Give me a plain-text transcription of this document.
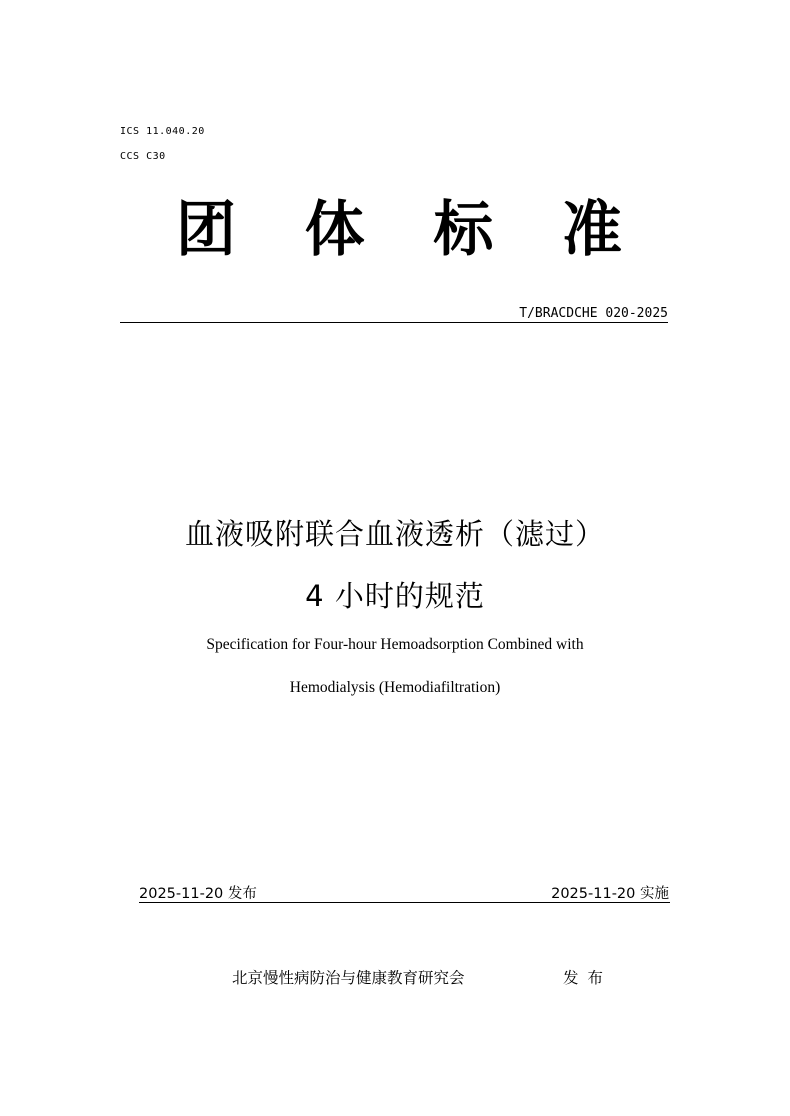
ICS 11.040.20
CCS C30
团 体 标 准
T/BRACDCHE 020-2025
血液吸附联合血液透析（滤过）
4 小时的规范
Specification for Four-hour Hemoadsorption Combined with
Hemodialysis (Hemodiafiltration)
2025-11-20 发布	2025-11-20 实施
北京慢性病防治与健康教育研究会	发布
